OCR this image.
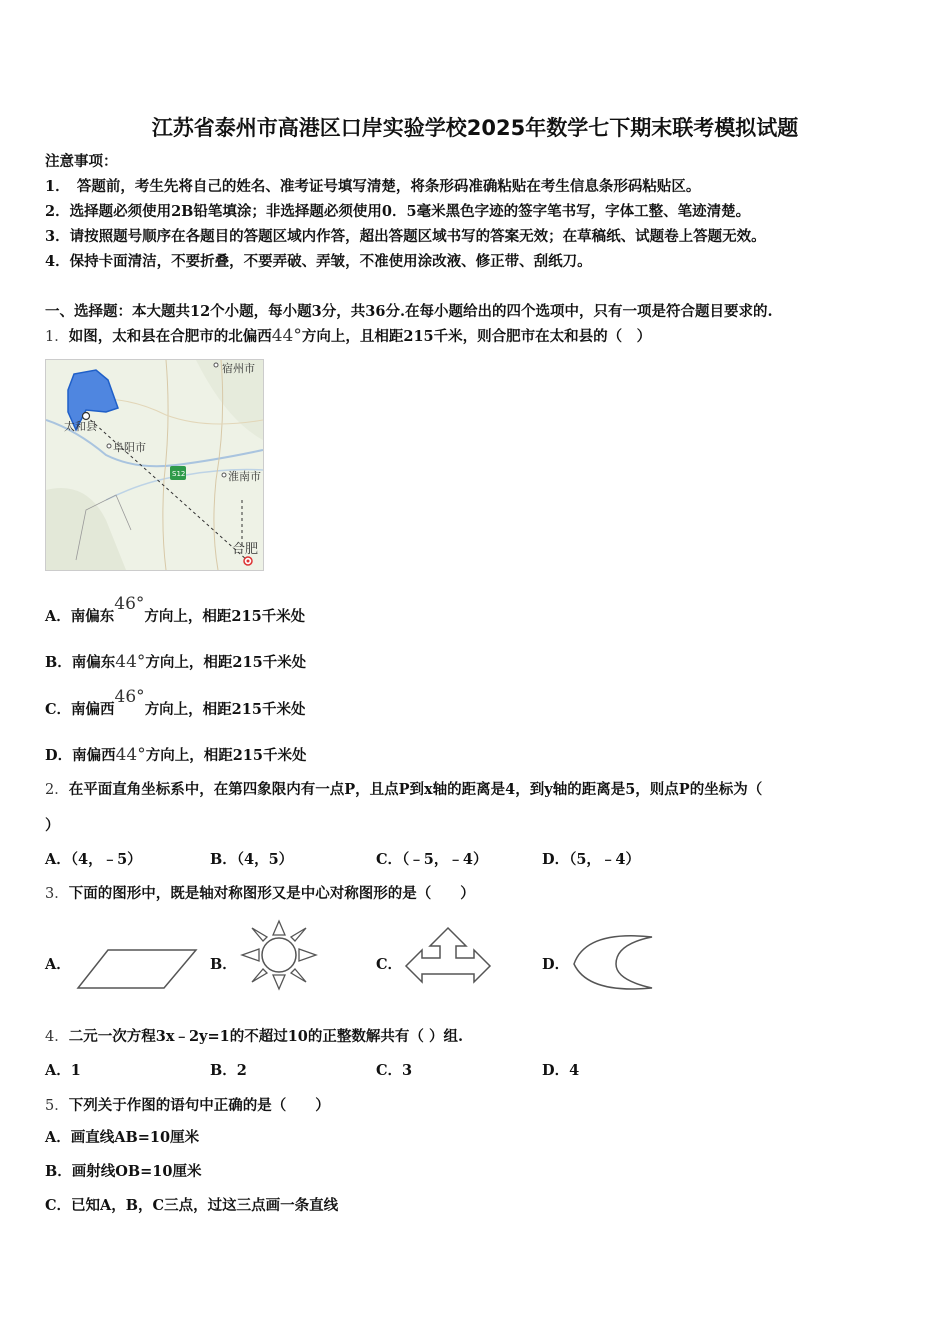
江苏省泰州市高港区口岸实验学校2025年数学七下期末联考模拟试题
注意事项：
1．　答题前，考生先将自己的姓名、准考证号填写清楚，将条形码准确粘贴在考生信息条形码粘贴区。
2．选择题必须使用2B铅笔填涂；非选择题必须使用0．5毫米黑色字迹的签字笔书写，字体工整、笔迹清楚。
3．请按照题号顺序在各题目的答题区域内作答，超出答题区域书写的答案无效；在草稿纸、试题卷上答题无效。
4．保持卡面清洁，不要折叠，不要弄破、弄皱，不准使用涂改液、修正带、刮纸刀。
一、选择题：本大题共12个小题，每小题3分，共36分.在每小题给出的四个选项中，只有一项是符合题目要求的.
1．如图，太和县在合肥市的北偏西44°方向上，且相距215千米，则合肥市在太和县的（　）
宿州市
阜阳市
太和县
淮南市
合肥
S12
A．南偏东46°方向上，相距215千米处
B．南偏东44°方向上，相距215千米处
C．南偏西46°方向上，相距215千米处
D．南偏西44°方向上，相距215千米处
2．在平面直角坐标系中，在第四象限内有一点P，且点P到x轴的距离是4，到y轴的距离是5，则点P的坐标为（
）
A．（4，﹣5）	B．（4，5）	C．（﹣5，﹣4）	D．（5，﹣4）
3．下面的图形中，既是轴对称图形又是中心对称图形的是（　　）
A．	B．	C．	D．
4．二元一次方程3x﹣2y=1的不超过10的正整数解共有（ ）组.
A．1	B．2	C．3	D．4
5．下列关于作图的语句中正确的是（　　）
A．画直线AB=10厘米
B．画射线OB=10厘米
C．已知A，B，C三点，过这三点画一条直线
